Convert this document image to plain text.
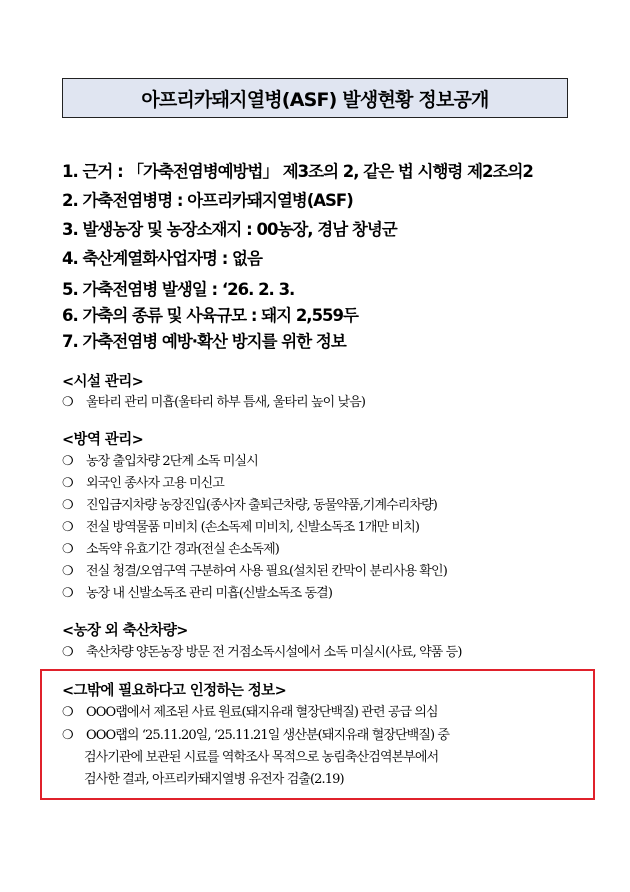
아프리카돼지열병(ASF) 발생현황 정보공개
1. 근거 : 「가축전염병예방법」 제3조의 2, 같은 법 시행령 제2조의2
2. 가축전염병명 : 아프리카돼지열병(ASF)
3. 발생농장 및 농장소재지 : 00농장, 경남 창녕군
4. 축산계열화사업자명 : 없음
5. 가축전염병 발생일 : ‘26. 2. 3.
6. 가축의 종류 및 사육규모 : 돼지 2,559두
7. 가축전염병 예방·확산 방지를 위한 정보
<시설 관리>
❍ 울타리 관리 미흡(울타리 하부 틈새, 울타리 높이 낮음)
<방역 관리>
❍ 농장 출입차량 2단계 소독 미실시
❍ 외국인 종사자 고용 미신고
❍ 진입금지차량 농장진입(종사자 출퇴근차량, 동물약품,기계수리차량)
❍ 전실 방역물품 미비치 (손소독제 미비치, 신발소독조 1개만 비치)
❍ 소독약 유효기간 경과(전실 손소독제)
❍ 전실 청결/오염구역 구분하여 사용 필요(설치된 칸막이 분리사용 확인)
❍ 농장 내 신발소독조 관리 미흡(신발소독조 동결)
<농장 외 축산차량>
❍ 축산차량 양돈농장 방문 전 거점소독시설에서 소독 미실시(사료, 약품 등)
<그밖에 필요하다고 인정하는 정보>
❍ OOO랩에서 제조된 사료 원료(돼지유래 혈장단백질) 관련 공급 의심
❍ OOO랩의 ‘25.11.20일, ‘25.11.21일 생산분(돼지유래 혈장단백질) 중
검사기관에 보관된 시료를 역학조사 목적으로 농림축산검역본부에서
검사한 결과, 아프리카돼지열병 유전자 검출(2.19)
